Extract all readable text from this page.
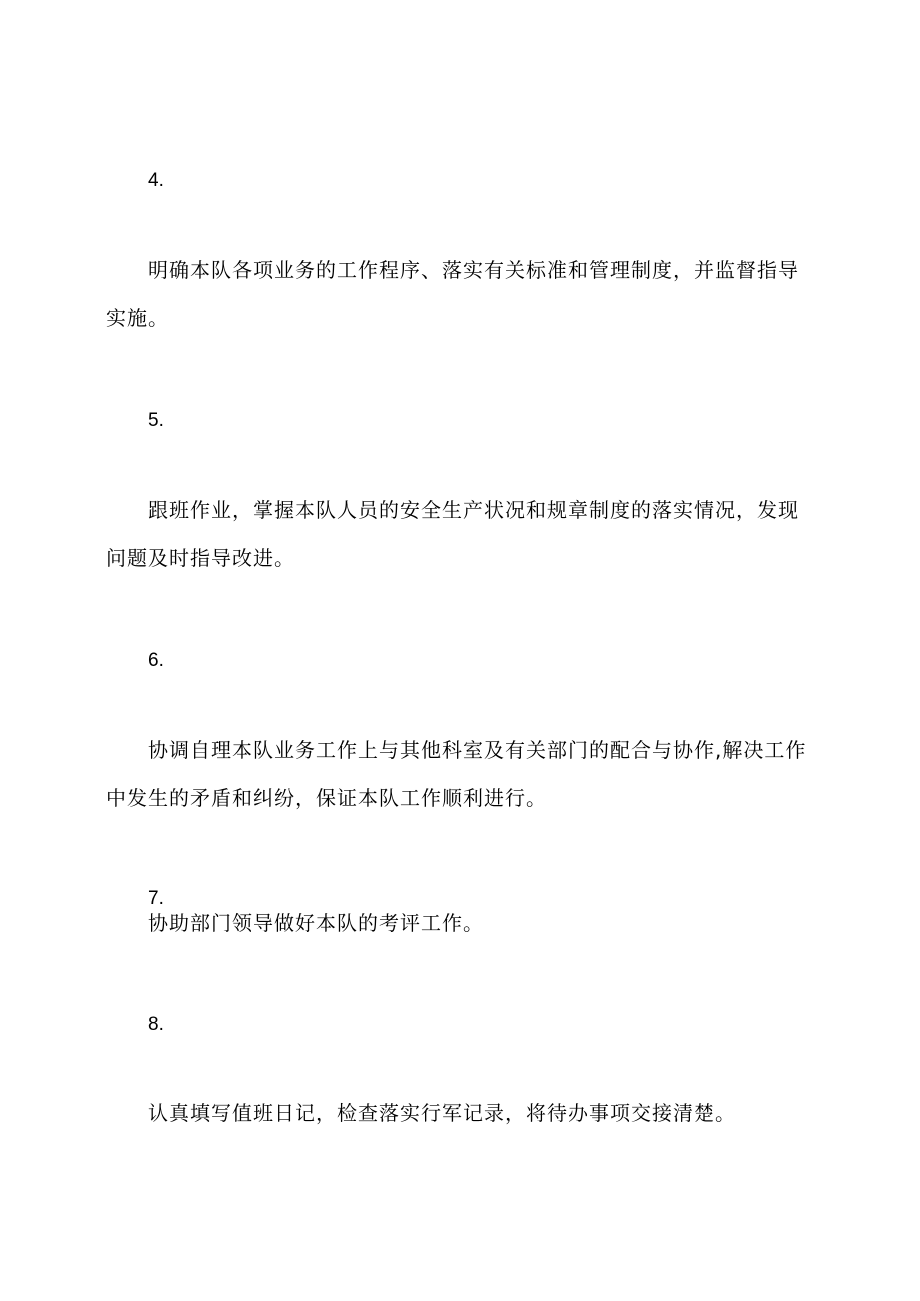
4.

明确本队各项业务的工作程序、落实有关标准和管理制度，并监督指导实施。

5.

跟班作业，掌握本队人员的安全生产状况和规章制度的落实情况，发现问题及时指导改进。

6.

协调自理本队业务工作上与其他科室及有关部门的配合与协作,解决工作中发生的矛盾和纠纷，保证本队工作顺利进行。

7.

协助部门领导做好本队的考评工作。

8.

认真填写值班日记，检查落实行军记录，将待办事项交接清楚。
